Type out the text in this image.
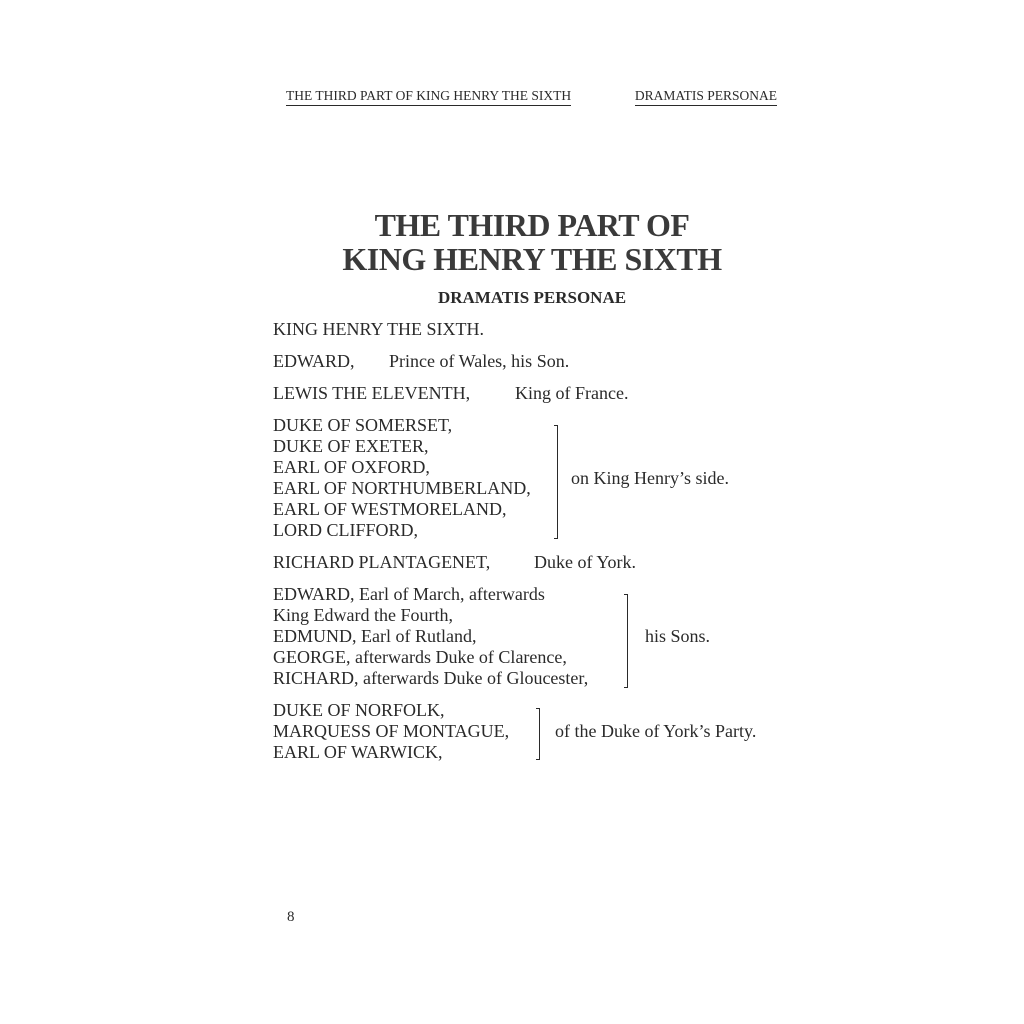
THE THIRD PART OF KING HENRY THE SIXTH	DRAMATIS PERSONAE
THE THIRD PART OF
KING HENRY THE SIXTH
DRAMATIS PERSONAE
KING HENRY THE SIXTH.
EDWARD, Prince of Wales, his Son.
LEWIS THE ELEVENTH, King of France.
DUKE OF SOMERSET,
DUKE OF EXETER,
EARL OF OXFORD,
EARL OF NORTHUMBERLAND,
EARL OF WESTMORELAND,
LORD CLIFFORD,
on King Henry’s side.
RICHARD PLANTAGENET, Duke of York.
EDWARD, Earl of March, afterwards
King Edward the Fourth,
EDMUND, Earl of Rutland,
GEORGE, afterwards Duke of Clarence,
RICHARD, afterwards Duke of Gloucester,
his Sons.
DUKE OF NORFOLK,
MARQUESS OF MONTAGUE,
EARL OF WARWICK,
of the Duke of York’s Party.
8
